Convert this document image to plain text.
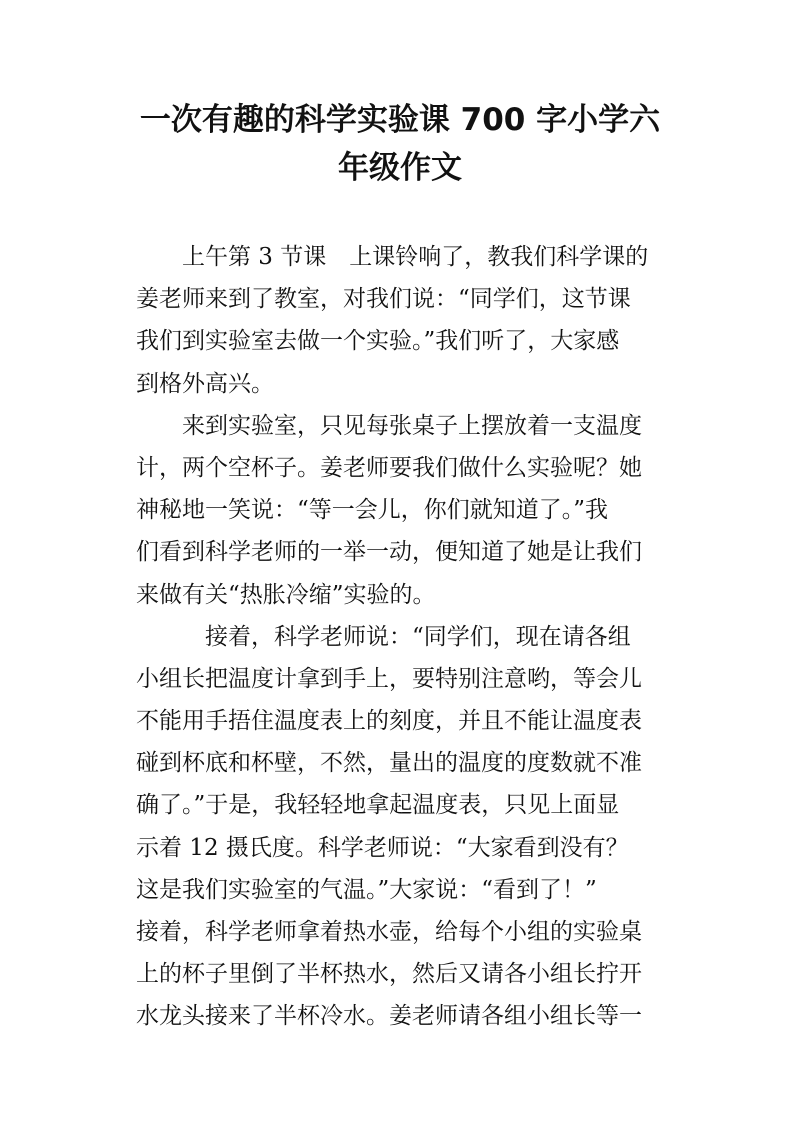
一次有趣的科学实验课 700 字小学六
年级作文
　　上午第 3 节课　上课铃响了，教我们科学课的
姜老师来到了教室，对我们说：“同学们，这节课
我们到实验室去做一个实验。”我们听了，大家感
到格外高兴。
　　来到实验室，只见每张桌子上摆放着一支温度
计，两个空杯子。姜老师要我们做什么实验呢？她
神秘地一笑说：“等一会儿，你们就知道了。”我
们看到科学老师的一举一动，便知道了她是让我们
来做有关“热胀冷缩”实验的。
　　　接着，科学老师说：“同学们，现在请各组
小组长把温度计拿到手上，要特别注意哟，等会儿
不能用手捂住温度表上的刻度，并且不能让温度表
碰到杯底和杯壁，不然，量出的温度的度数就不准
确了。”于是，我轻轻地拿起温度表，只见上面显
示着 12 摄氏度。科学老师说：“大家看到没有？
这是我们实验室的气温。”大家说：“看到了！”
接着，科学老师拿着热水壶，给每个小组的实验桌
上的杯子里倒了半杯热水，然后又请各小组长拧开
水龙头接来了半杯冷水。姜老师请各组小组长等一
